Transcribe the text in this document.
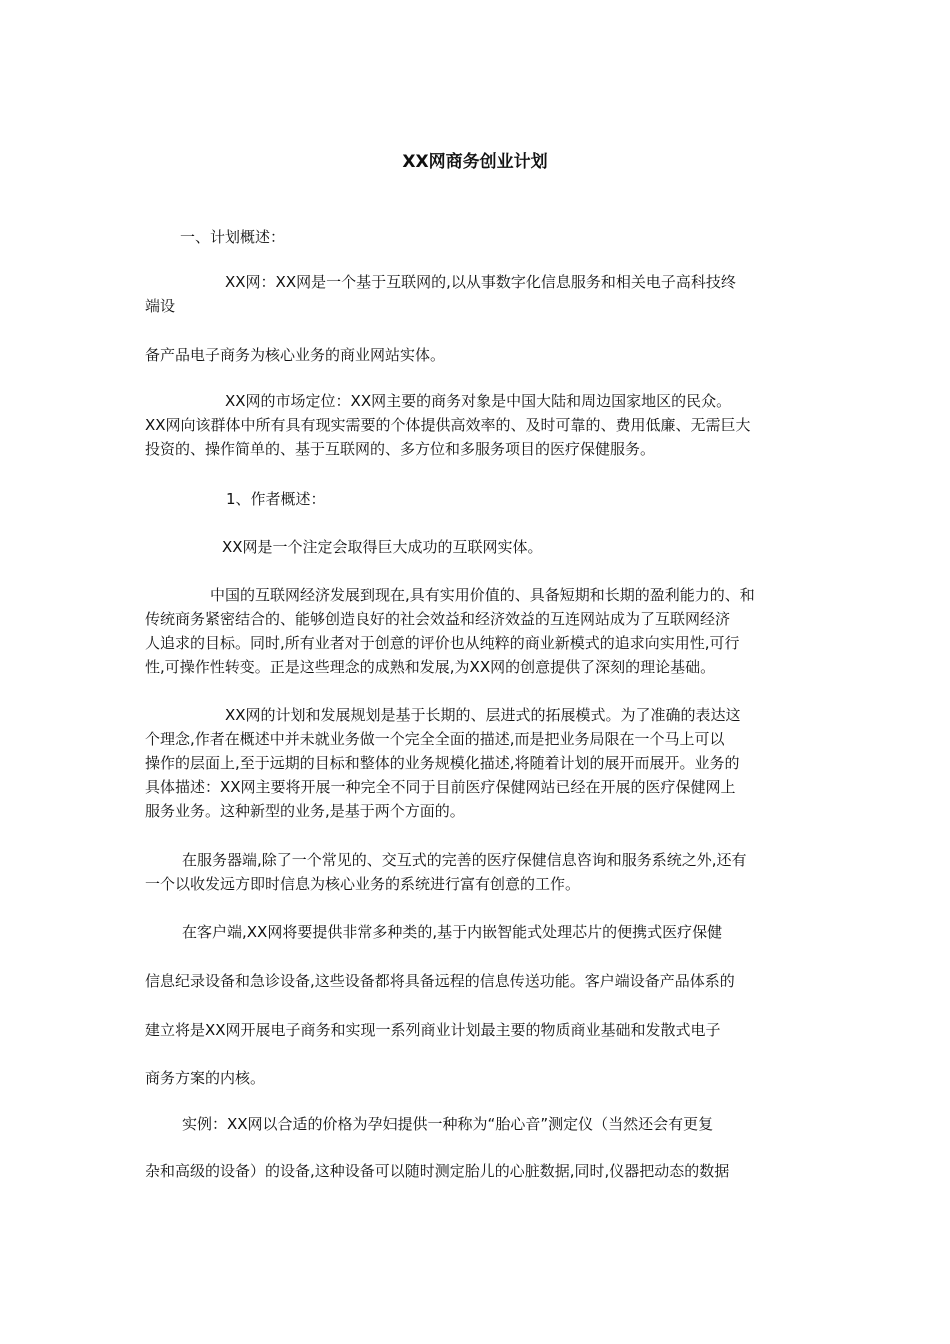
XX网商务创业计划

一、计划概述：

XX网：XX网是一个基于互联网的,以从事数字化信息服务和相关电子高科技终
端设

备产品电子商务为核心业务的商业网站实体。

XX网的市场定位：XX网主要的商务对象是中国大陆和周边国家地区的民众。
XX网向该群体中所有具有现实需要的个体提供高效率的、及时可靠的、费用低廉、无需巨大
投资的、操作简单的、基于互联网的、多方位和多服务项目的医疗保健服务。

1、作者概述：

XX网是一个注定会取得巨大成功的互联网实体。

中国的互联网经济发展到现在,具有实用价值的、具备短期和长期的盈利能力的、和
传统商务紧密结合的、能够创造良好的社会效益和经济效益的互连网站成为了互联网经济
人追求的目标。同时,所有业者对于创意的评价也从纯粹的商业新模式的追求向实用性,可行
性,可操作性转变。正是这些理念的成熟和发展,为XX网的创意提供了深刻的理论基础。

XX网的计划和发展规划是基于长期的、层进式的拓展模式。为了准确的表达这
个理念,作者在概述中并未就业务做一个完全全面的描述,而是把业务局限在一个马上可以
操作的层面上,至于远期的目标和整体的业务规模化描述,将随着计划的展开而展开。业务的
具体描述：XX网主要将开展一种完全不同于目前医疗保健网站已经在开展的医疗保健网上
服务业务。这种新型的业务,是基于两个方面的。

在服务器端,除了一个常见的、交互式的完善的医疗保健信息咨询和服务系统之外,还有
一个以收发远方即时信息为核心业务的系统进行富有创意的工作。

在客户端,XX网将要提供非常多种类的,基于内嵌智能式处理芯片的便携式医疗保健

信息纪录设备和急诊设备,这些设备都将具备远程的信息传送功能。客户端设备产品体系的

建立将是XX网开展电子商务和实现一系列商业计划最主要的物质商业基础和发散式电子

商务方案的内核。

实例：XX网以合适的价格为孕妇提供一种称为“胎心音”测定仪（当然还会有更复

杂和高级的设备）的设备,这种设备可以随时测定胎儿的心脏数据,同时,仪器把动态的数据
